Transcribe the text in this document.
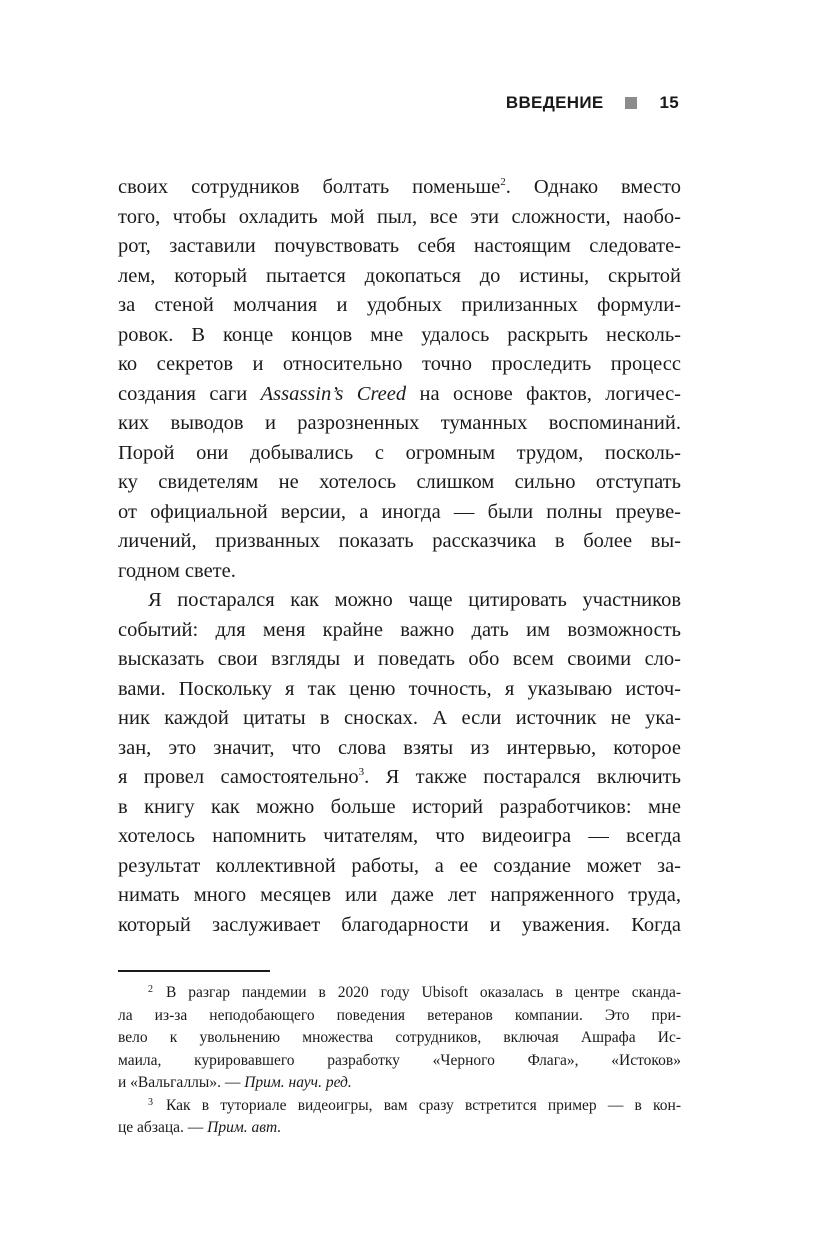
ВВЕДЕНИЕ	15
своих сотрудников болтать поменьше$^2$. Однако вместо
того, чтобы охладить мой пыл, все эти сложности, наобо-
рот, заставили почувствовать себя настоящим следовате-
лем, который пытается докопаться до истины, скрытой
за стеной молчания и удобных прилизанных формули-
ровок. В конце концов мне удалось раскрыть несколь-
ко секретов и относительно точно проследить процесс
создания саги Assassin’s Creed на основе фактов, логичес-
ких выводов и разрозненных туманных воспоминаний.
Порой они добывались с огромным трудом, посколь-
ку свидетелям не хотелось слишком сильно отступать
от официальной версии, а иногда — были полны преуве-
личений, призванных показать рассказчика в более вы-
годном свете.
Я постарался как можно чаще цитировать участников
событий: для меня крайне важно дать им возможность
высказать свои взгляды и поведать обо всем своими сло-
вами. Поскольку я так ценю точность, я указываю источ-
ник каждой цитаты в сносках. А если источник не ука-
зан, это значит, что слова взяты из интервью, которое
я провел самостоятельно$^3$. Я также постарался включить
в книгу как можно больше историй разработчиков: мне
хотелось напомнить читателям, что видеоигра — всегда
результат коллективной работы, а ее создание может за-
нимать много месяцев или даже лет напряженного труда,
который заслуживает благодарности и уважения. Когда
2 В разгар пандемии в 2020 году Ubisoft оказалась в центре сканда-
ла из-за неподобающего поведения ветеранов компании. Это при-
вело к увольнению множества сотрудников, включая Ашрафа Ис-
маила, курировавшего разработку «Черного Флага», «Истоков»
и «Вальгаллы». — Прим. науч. ред.
3 Как в туториале видеоигры, вам сразу встретится пример — в кон-
це абзаца. — Прим. авт.
